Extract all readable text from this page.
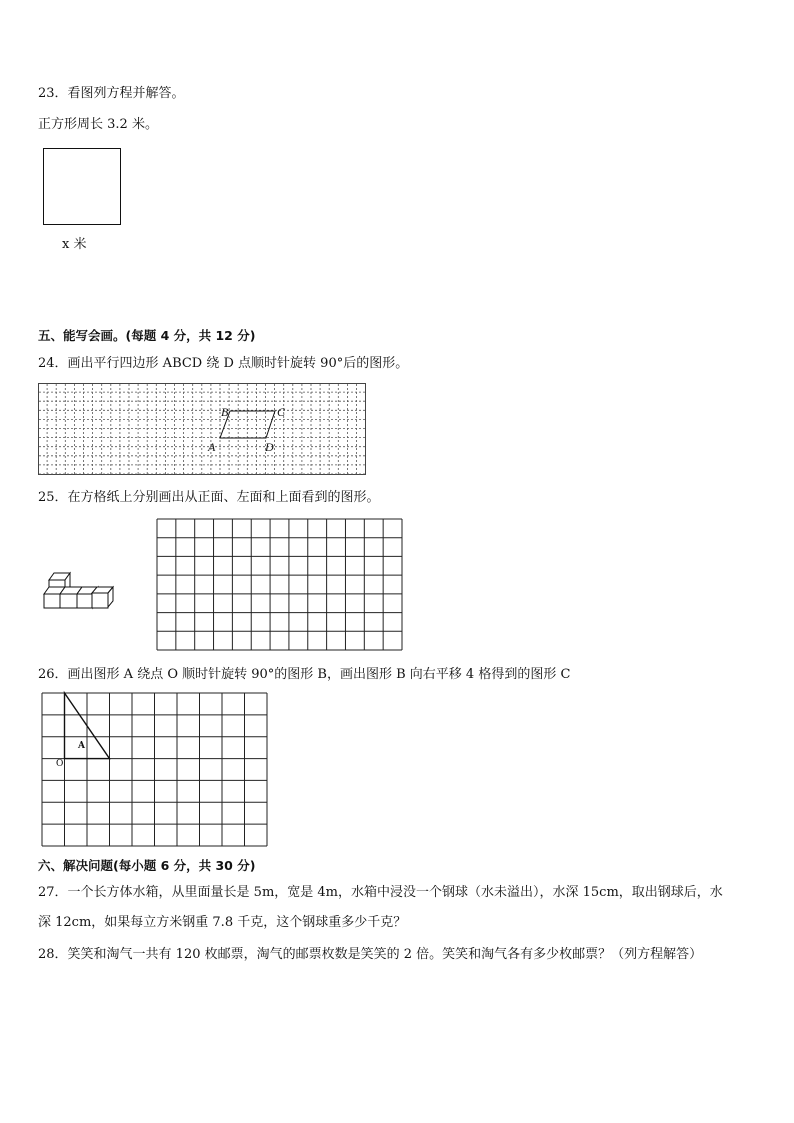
23．看图列方程并解答。
正方形周长 3.2 米。
x 米
五、能写会画。(每题 4 分，共 12 分)
24．画出平行四边形 ABCD 绕 D 点顺时针旋转 90°后的图形。
B	C
A	D
25．在方格纸上分别画出从正面、左面和上面看到的图形。
26．画出图形 A 绕点 O 顺时针旋转 90°的图形 B，画出图形 B 向右平移 4 格得到的图形 C
A
O
六、解决问题(每小题 6 分，共 30 分)
27．一个长方体水箱，从里面量长是 5m，宽是 4m，水箱中浸没一个钢球（水未溢出），水深 15cm，取出钢球后，水
深 12cm，如果每立方米钢重 7.8 千克，这个钢球重多少千克？
28．笑笑和淘气一共有 120 枚邮票，淘气的邮票枚数是笑笑的 2 倍。笑笑和淘气各有多少枚邮票？（列方程解答）
